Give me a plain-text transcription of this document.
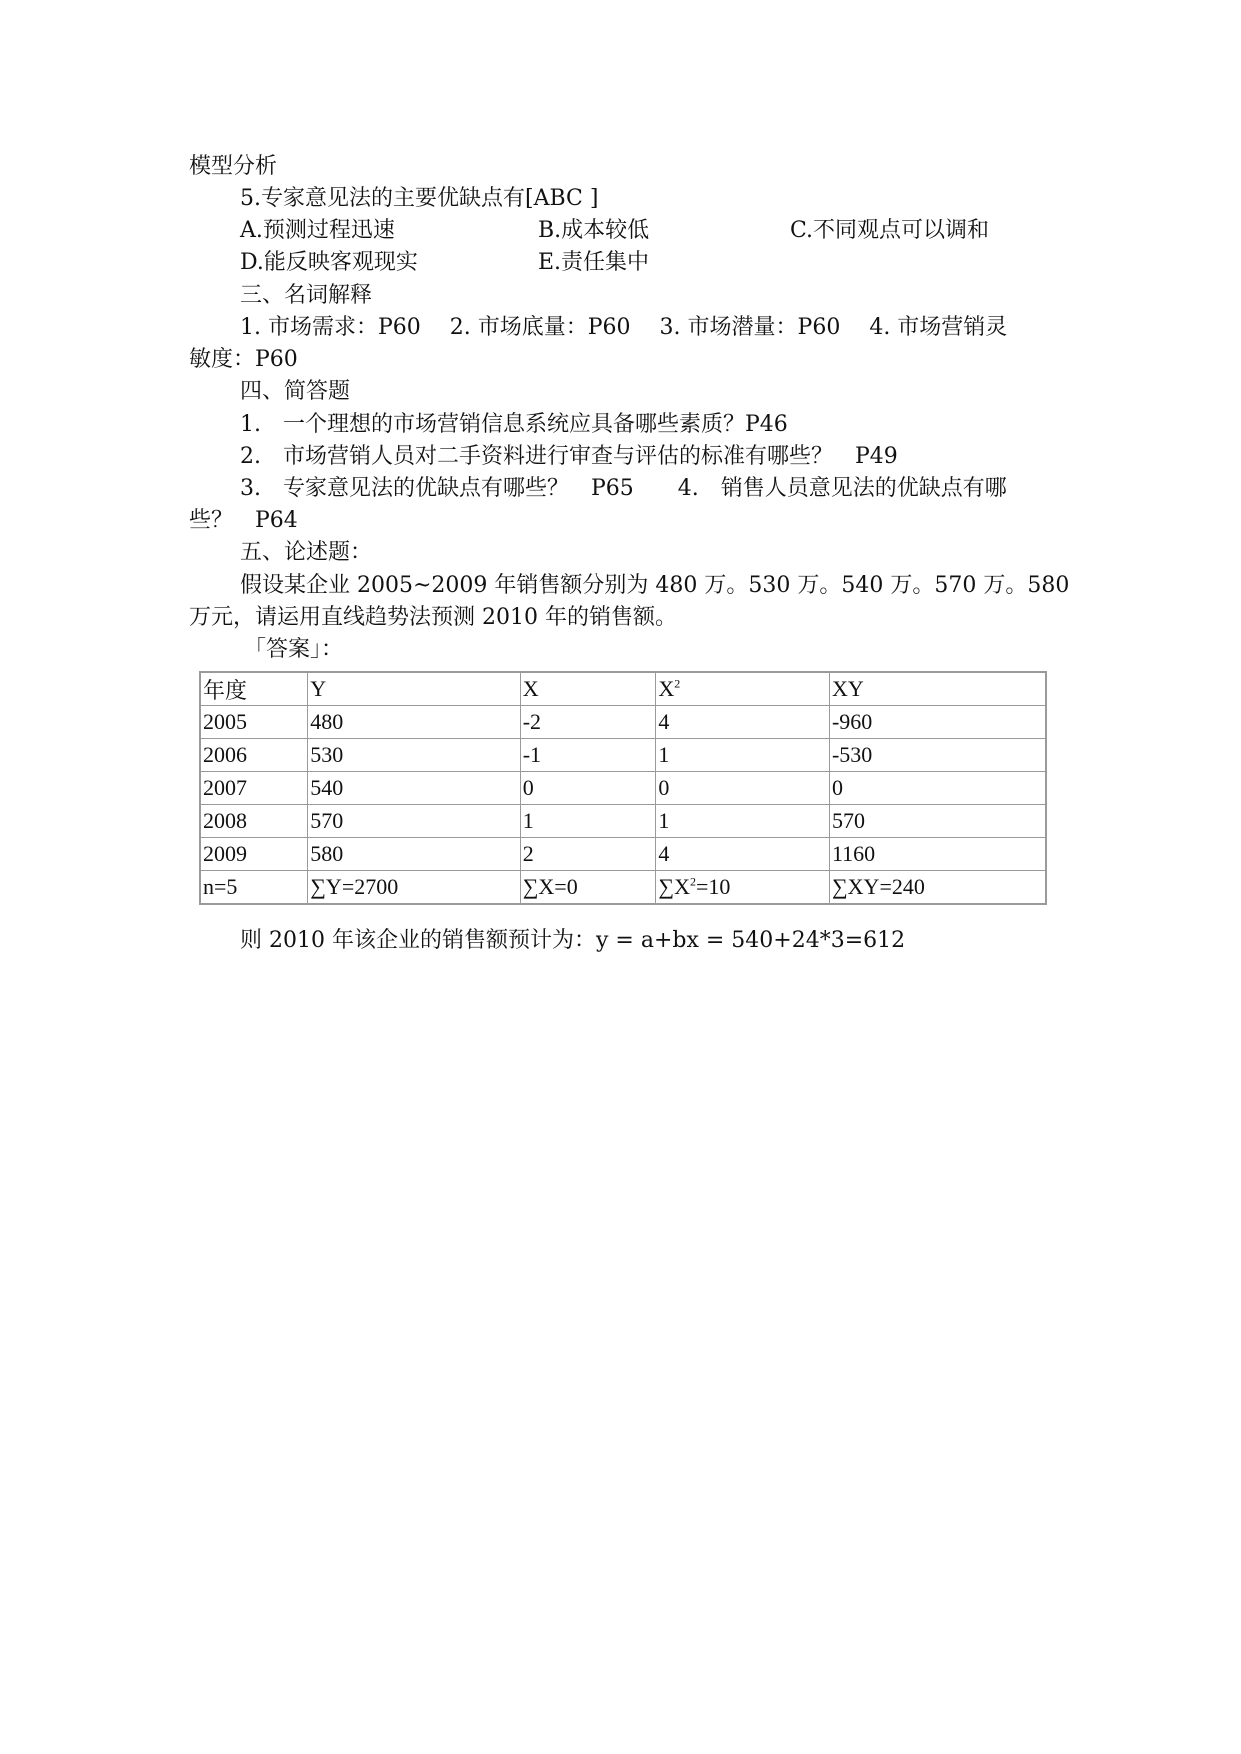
模型分析
5.专家意见法的主要优缺点有[ABC ]
A.预测过程迅速	B.成本较低	C.不同观点可以调和
D.能反映客观现实	E.责任集中
三、名词解释
1. 市场需求：P60　 2. 市场底量：P60　 3. 市场潜量：P60　 4. 市场营销灵
敏度：P60
四、简答题
1.　一个理想的市场营销信息系统应具备哪些素质？P46
2.　市场营销人员对二手资料进行审查与评估的标准有哪些？　P49
3.　专家意见法的优缺点有哪些？　P65　　4.　销售人员意见法的优缺点有哪
些？　P64
五、论述题：
假设某企业 2005~2009 年销售额分别为 480 万。530 万。540 万。570 万。580
万元，请运用直线趋势法预测 2010 年的销售额。
「答案」：
年度	Y	X	$X^2$	XY
2005	480	-2	4	-960
2006	530	-1	1	-530
2007	540	0	0	0
2008	570	1	1	570
2009	580	2	4	1160
n=5	∑Y=2700	∑X=0	$\sum X^2=10$	∑XY=240
则 2010 年该企业的销售额预计为：y = a+bx = 540+24*3=612
